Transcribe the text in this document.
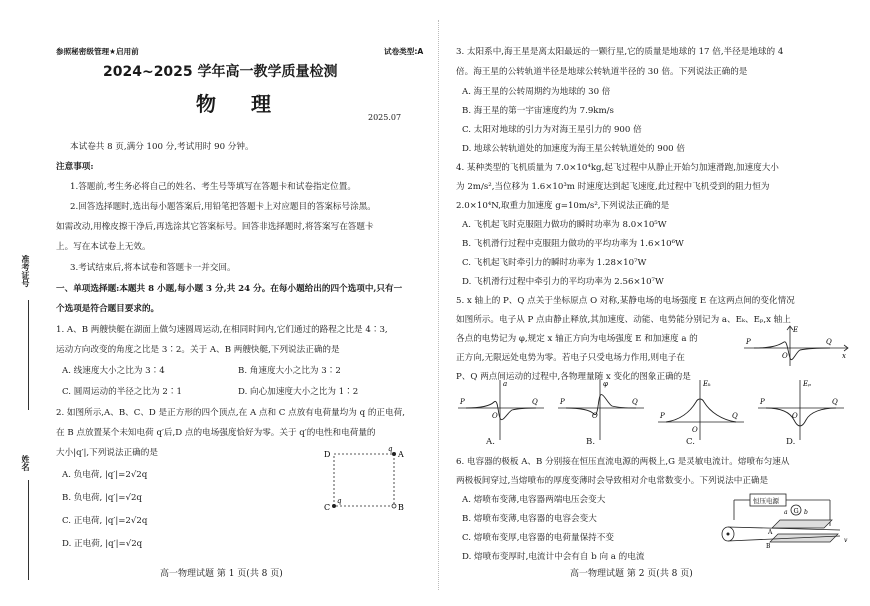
准考证号
姓名
参照秘密级管理★启用前	试卷类型:A
2024~2025 学年高一教学质量检测
物 理
2025.07
本试卷共 8 页,满分 100 分,考试用时 90 分钟。
注意事项:
1.答题前,考生务必将自己的姓名、考生号等填写在答题卡和试卷指定位置。
2.回答选择题时,选出每小题答案后,用铅笔把答题卡上对应题目的答案标号涂黑。
如需改动,用橡皮擦干净后,再选涂其它答案标号。回答非选择题时,将答案写在答题卡
上。写在本试卷上无效。
3.考试结束后,将本试卷和答题卡一并交回。
一、单项选择题:本题共 8 小题,每小题 3 分,共 24 分。在每小题给出的四个选项中,只有一
个选项是符合题目要求的。
1. A、B 两艘快艇在湖面上做匀速圆周运动,在相同时间内,它们通过的路程之比是 4∶3,
运动方向改变的角度之比是 3∶2。关于 A、B 两艘快艇,下列说法正确的是
A. 线速度大小之比为 3∶4	B. 角速度大小之比为 3∶2
C. 圆周运动的半径之比为 2∶1	D. 向心加速度大小之比为 1∶2
2. 如图所示,A、B、C、D 是正方形的四个顶点,在 A 点和 C 点放有电荷量均为 q 的正电荷,
在 B 点放置某个未知电荷 q′后,D 点的电场强度恰好为零。关于 q′的电性和电荷量的
大小|q′|,下列说法正确的是
A. 负电荷, |q′|=2√2q
B. 负电荷, |q′|=√2q
C. 正电荷, |q′|=2√2q
D. 正电荷, |q′|=√2q
D	A
C	B
q
q
高一物理试题 第 1 页(共 8 页)
3. 太阳系中,海王星是离太阳最远的一颗行星,它的质量是地球的 17 倍,半径是地球的 4
倍。海王星的公转轨道半径是地球公转轨道半径的 30 倍。下列说法正确的是
A. 海王星的公转周期约为地球的 30 倍
B. 海王星的第一宇宙速度约为 7.9km/s
C. 太阳对地球的引力为对海王星引力的 900 倍
D. 地球公转轨道处的加速度为海王星公转轨道处的 900 倍
4. 某种类型的飞机质量为 7.0×10⁴kg,起飞过程中从静止开始匀加速滑跑,加速度大小
为 2m/s²,当位移为 1.6×10³m 时速度达到起飞速度,此过程中飞机受到的阻力恒为
2.0×10⁴N,取重力加速度 g=10m/s²,下列说法正确的是
A. 飞机起飞时克服阻力做功的瞬时功率为 8.0×10⁵W
B. 飞机滑行过程中克服阻力做功的平均功率为 1.6×10⁶W
C. 飞机起飞时牵引力的瞬时功率为 1.28×10⁷W
D. 飞机滑行过程中牵引力的平均功率为 2.56×10⁷W
5. x 轴上的 P、Q 点关于坐标原点 O 对称,某静电场的电场强度 E 在这两点间的变化情况
如图所示。电子从 P 点由静止释放,其加速度、动能、电势能分别记为 a、Eₖ、Eₚ,x 轴上
各点的电势记为 φ,规定 x 轴正方向为电场强度 E 和加速度 a 的
正方向,无限远处电势为零。若电子只受电场力作用,则电子在
P、Q 两点间运动的过程中,各物理量随 x 变化的图象正确的是
E
P
O
Q
x
a
P
O
Q
φ
P
O
Q
Eₖ
P
O
Q
Eₚ
P
O
Q
A.	B.	C.	D.
6. 电容器的极板 A、B 分别接在恒压直流电源的两极上,G 是灵敏电流计。熔喷布匀速从
两极板间穿过,当熔喷布的厚度变薄时会导致相对介电常数变小。下列说法中正确是
A. 熔喷布变薄,电容器两端电压会变大
B. 熔喷布变薄,电容器的电容会变大
C. 熔喷布变厚,电容器的电荷量保持不变
D. 熔喷布变厚时,电流计中会有自 b 向 a 的电流
恒压电源
G
a	b
A
B
v
高一物理试题 第 2 页(共 8 页)
